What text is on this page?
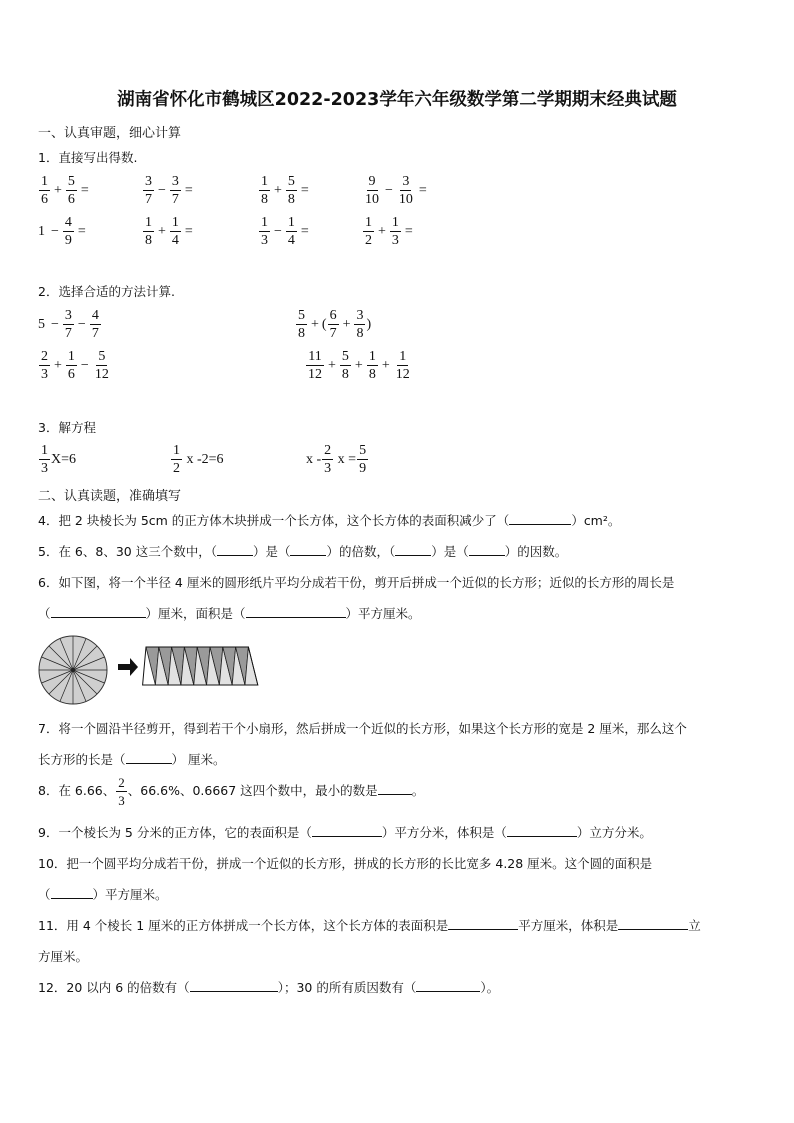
湖南省怀化市鹤城区2022-2023学年六年级数学第二学期期末经典试题
一、认真审题，细心计算
1．直接写出得数.
$\frac{1}{6} + \frac{5}{6}$ =	$\frac{3}{7} - \frac{3}{7}$ =	$\frac{1}{8} + \frac{5}{8}$ =	$\frac{9}{10} - \frac{3}{10}$ =
$1 - \frac{4}{9}$ =	$\frac{1}{8} + \frac{1}{4}$ =	$\frac{1}{3} - \frac{1}{4}$ =	$\frac{1}{2} + \frac{1}{3}$ =
2．选择合适的方法计算.
$5 - \frac{3}{7} - \frac{4}{7}$	$\frac{5}{8}$ + ( $\frac{6}{7} + \frac{3}{8}$ )
$\frac{2}{3} + \frac{1}{6} - \frac{5}{12}$	$\frac{11}{12} + \frac{5}{8} + \frac{1}{8} + \frac{1}{12}$
3．解方程
$\frac{1}{3} X=6$	$\frac{1}{2}$ x -2=6	x - $\frac{2}{3}$ $x = \frac{5}{9}$
二、认真读题，准确填写
4．把 2 块棱长为 5cm 的正方体木块拼成一个长方体，这个长方体的表面积减少了（	）cm²。
5．在 6、8、30 这三个数中，（	）是（	）的倍数，（	）是（	）的因数。
6．如下图，将一个半径 4 厘米的圆形纸片平均分成若干份，剪开后拼成一个近似的长方形；近似的长方形的周长是
（	）厘米，面积是（	）平方厘米。
7．将一个圆沿半径剪开，得到若干个小扇形，然后拼成一个近似的长方形，如果这个长方形的宽是 2 厘米，那么这个
长方形的长是（	） 厘米。
8．在 6.66、 $\frac{2}{3}$ 、66.6%、0.6667 这四个数中，最小的数是	。
9．一个棱长为 5 分米的正方体，它的表面积是（	）平方分米，体积是（	）立方分米。
10．把一个圆平均分成若干份，拼成一个近似的长方形，拼成的长方形的长比宽多 4.28 厘米。这个圆的面积是
（	）平方厘米。
11．用 4 个棱长 1 厘米的正方体拼成一个长方体，这个长方体的表面积是	平方厘米，体积是	立
方厘米。
12．20 以内 6 的倍数有（	）；30 的所有质因数有（	）。
